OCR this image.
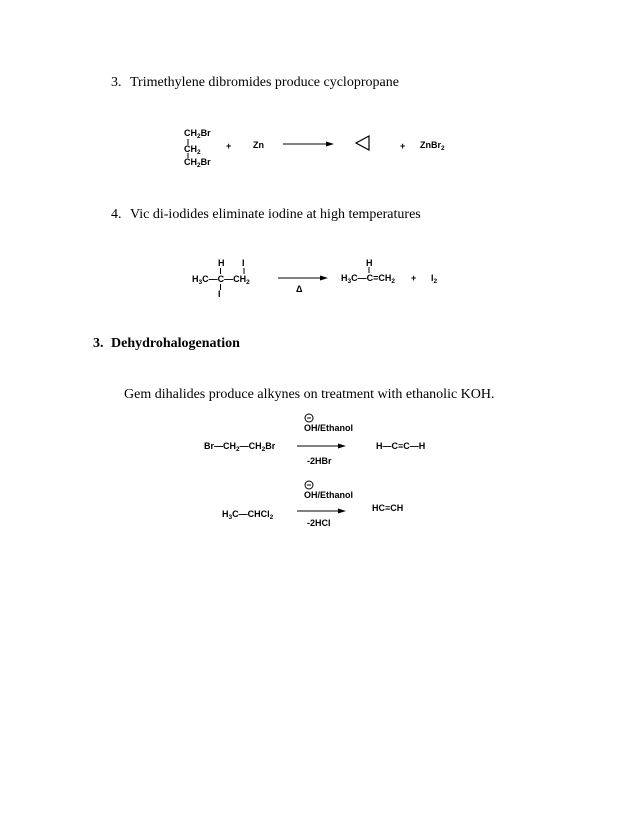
3. Trimethylene dibromides produce cyclopropane
$CH_2Br$
$CH_2$
$CH_2Br$
+ Zn	+ ZnBr$_2$
4. Vic di-iodides eliminate iodine at high temperatures
H I
$H_3C—C—CH_2$
I	Δ
H
$H_3C—C=CH_2 + I_2$
3. Dehydrohalogenation
Gem dihalides produce alkynes on treatment with ethanolic KOH.
OH/Ethanol
$Br—CH_2—CH_2Br$
-2HBr
H—C≡C—H
OH/Ethanol
$H_3C—CHCl_2$
-2HCl
HC≡CH
